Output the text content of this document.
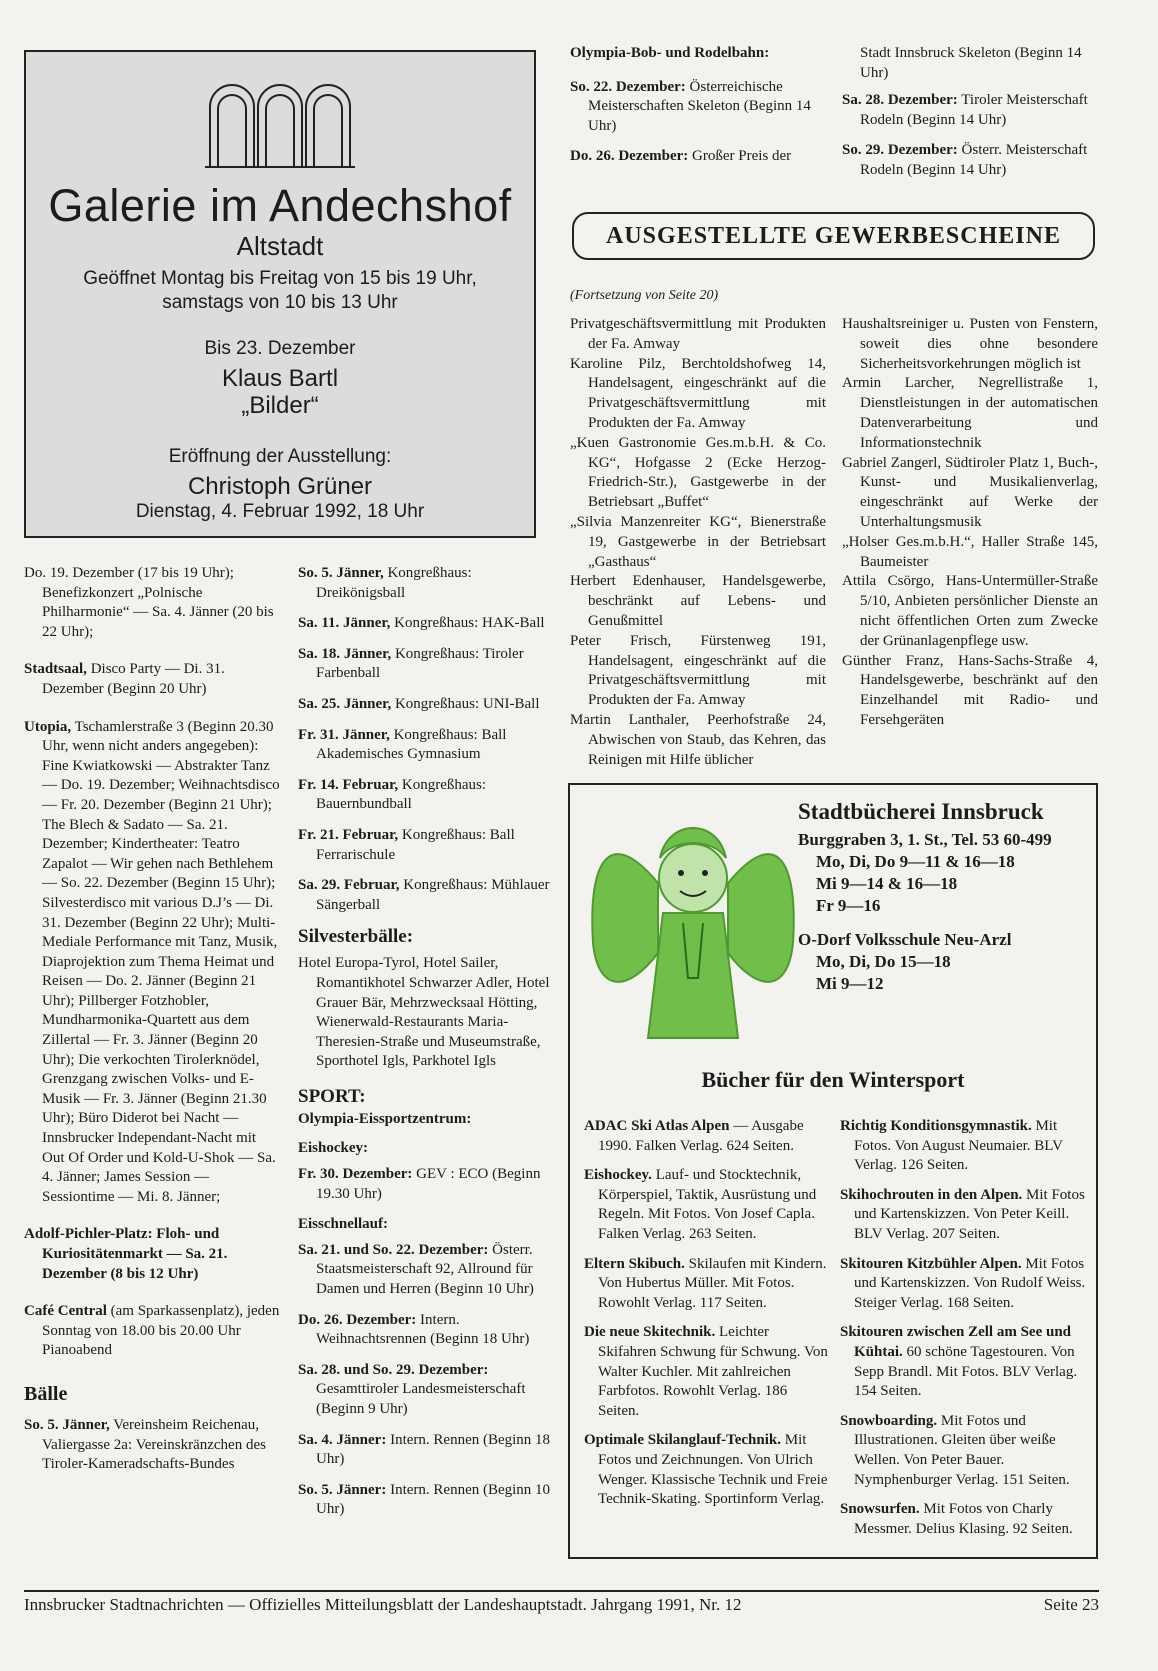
Galerie im Andechshof
Altstadt
Geöffnet Montag bis Freitag von 15 bis 19 Uhr,
samstags von 10 bis 13 Uhr
Bis 23. Dezember
Klaus Bartl
„Bilder“
Eröffnung der Ausstellung:
Christoph Grüner
Dienstag, 4. Februar 1992, 18 Uhr

Do. 19. Dezember (17 bis 19 Uhr); Benefizkonzert „Polnische Philharmonie“ — Sa. 4. Jänner (20 bis 22 Uhr);

Stadtsaal, Disco Party — Di. 31. Dezember (Beginn 20 Uhr)

Utopia, Tschamlerstraße 3 (Beginn 20.30 Uhr, wenn nicht anders angegeben): Fine Kwiatkowski — Abstrakter Tanz — Do. 19. Dezember; Weihnachtsdisco — Fr. 20. Dezember (Beginn 21 Uhr); The Blech & Sadato — Sa. 21. Dezember; Kindertheater: Teatro Zapalot — Wir gehen nach Bethlehem — So. 22. Dezember (Beginn 15 Uhr); Silvesterdisco mit various D.J’s — Di. 31. Dezember (Beginn 22 Uhr); Multi-Mediale Performance mit Tanz, Musik, Diaprojektion zum Thema Heimat und Reisen — Do. 2. Jänner (Beginn 21 Uhr); Pillberger Fotzhobler, Mundharmonika-Quartett aus dem Zillertal — Fr. 3. Jänner (Beginn 20 Uhr); Die verkochten Tirolerknödel, Grenzgang zwischen Volks- und E-Musik — Fr. 3. Jänner (Beginn 21.30 Uhr); Büro Diderot bei Nacht — Innsbrucker Independant-Nacht mit Out Of Order und Kold-U-Shok — Sa. 4. Jänner; James Session — Sessiontime — Mi. 8. Jänner;

Adolf-Pichler-Platz: Floh- und Kuriositätenmarkt — Sa. 21. Dezember (8 bis 12 Uhr)

Café Central (am Sparkassenplatz), jeden Sonntag von 18.00 bis 20.00 Uhr Pianoabend

Bälle

So. 5. Jänner, Vereinsheim Reichenau, Valiergasse 2a: Vereinskränzchen des Tiroler-Kameradschafts-Bundes

So. 5. Jänner, Kongreßhaus: Dreikönigsball

Sa. 11. Jänner, Kongreßhaus: HAK-Ball

Sa. 18. Jänner, Kongreßhaus: Tiroler Farbenball

Sa. 25. Jänner, Kongreßhaus: UNI-Ball

Fr. 31. Jänner, Kongreßhaus: Ball Akademisches Gymnasium

Fr. 14. Februar, Kongreßhaus: Bauernbundball

Fr. 21. Februar, Kongreßhaus: Ball Ferrarischule

Sa. 29. Februar, Kongreßhaus: Mühlauer Sängerball

Silvesterbälle:

Hotel Europa-Tyrol, Hotel Sailer, Romantikhotel Schwarzer Adler, Hotel Grauer Bär, Mehrzwecksaal Hötting, Wienerwald-Restaurants Maria-Theresien-Straße und Museumstraße, Sporthotel Igls, Parkhotel Igls

SPORT:

Olympia-Eissportzentrum:

Eishockey:

Fr. 30. Dezember: GEV : ECO (Beginn 19.30 Uhr)

Eisschnellauf:

Sa. 21. und So. 22. Dezember: Österr. Staatsmeisterschaft 92, Allround für Damen und Herren (Beginn 10 Uhr)

Do. 26. Dezember: Intern. Weihnachtsrennen (Beginn 18 Uhr)

Sa. 28. und So. 29. Dezember: Gesamttiroler Landesmeisterschaft (Beginn 9 Uhr)

Sa. 4. Jänner: Intern. Rennen (Beginn 18 Uhr)

So. 5. Jänner: Intern. Rennen (Beginn 10 Uhr)

Olympia-Bob- und Rodelbahn:

So. 22. Dezember: Österreichische Meisterschaften Skeleton (Beginn 14 Uhr)

Do. 26. Dezember: Großer Preis der

Stadt Innsbruck Skeleton (Beginn 14 Uhr)

Sa. 28. Dezember: Tiroler Meisterschaft Rodeln (Beginn 14 Uhr)

So. 29. Dezember: Österr. Meisterschaft Rodeln (Beginn 14 Uhr)

AUSGESTELLTE GEWERBESCHEINE

(Fortsetzung von Seite 20)

Privatgeschäftsvermittlung mit Produkten der Fa. Amway

Karoline Pilz, Berchtoldshofweg 14, Handelsagent, eingeschränkt auf die Privatgeschäftsvermittlung mit Produkten der Fa. Amway

„Kuen Gastronomie Ges.m.b.H. & Co. KG“, Hofgasse 2 (Ecke Herzog-Friedrich-Str.), Gastgewerbe in der Betriebsart „Buffet“

„Silvia Manzenreiter KG“, Bienerstraße 19, Gastgewerbe in der Betriebsart „Gasthaus“

Herbert Edenhauser, Handelsgewerbe, beschränkt auf Lebens- und Genußmittel

Peter Frisch, Fürstenweg 191, Handelsagent, eingeschränkt auf die Privatgeschäftsvermittlung mit Produkten der Fa. Amway

Martin Lanthaler, Peerhofstraße 24, Abwischen von Staub, das Kehren, das Reinigen mit Hilfe üblicher

Haushaltsreiniger u. Pusten von Fenstern, soweit dies ohne besondere Sicherheitsvorkehrungen möglich ist

Armin Larcher, Negrellistraße 1, Dienstleistungen in der automatischen Datenverarbeitung und Informationstechnik

Gabriel Zangerl, Südtiroler Platz 1, Buch-, Kunst- und Musikalienverlag, eingeschränkt auf Werke der Unterhaltungsmusik

„Holser Ges.m.b.H.“, Haller Straße 145, Baumeister

Attila Csörgo, Hans-Untermüller-Straße 5/10, Anbieten persönlicher Dienste an nicht öffentlichen Orten zum Zwecke der Grünanlagenpflege usw.

Günther Franz, Hans-Sachs-Straße 4, Handelsgewerbe, beschränkt auf den Einzelhandel mit Radio- und Fersehgeräten

Stadtbücherei Innsbruck
Burggraben 3, 1. St., Tel. 53 60-499

Mo, Di, Do 9—11 & 16—18

Mi 9—14 & 16—18

Fr 9—16

O-Dorf Volksschule Neu-Arzl

Mo, Di, Do 15—18

Mi 9—12

Bücher für den Wintersport

ADAC Ski Atlas Alpen — Ausgabe 1990. Falken Verlag. 624 Seiten.

Eishockey. Lauf- und Stocktechnik, Körperspiel, Taktik, Ausrüstung und Regeln. Mit Fotos. Von Josef Capla. Falken Verlag. 263 Seiten.

Eltern Skibuch. Skilaufen mit Kindern. Von Hubertus Müller. Mit Fotos. Rowohlt Verlag. 117 Seiten.

Die neue Skitechnik. Leichter Skifahren Schwung für Schwung. Von Walter Kuchler. Mit zahlreichen Farbfotos. Rowohlt Verlag. 186 Seiten.

Optimale Skilanglauf-Technik. Mit Fotos und Zeichnungen. Von Ulrich Wenger. Klassische Technik und Freie Technik-Skating. Sportinform Verlag.

Richtig Konditionsgymnastik. Mit Fotos. Von August Neumaier. BLV Verlag. 126 Seiten.

Skihochrouten in den Alpen. Mit Fotos und Kartenskizzen. Von Peter Keill. BLV Verlag. 207 Seiten.

Skitouren Kitzbühler Alpen. Mit Fotos und Kartenskizzen. Von Rudolf Weiss. Steiger Verlag. 168 Seiten.

Skitouren zwischen Zell am See und Kühtai. 60 schöne Tagestouren. Von Sepp Brandl. Mit Fotos. BLV Verlag. 154 Seiten.

Snowboarding. Mit Fotos und Illustrationen. Gleiten über weiße Wellen. Von Peter Bauer. Nymphenburger Verlag. 151 Seiten.

Snowsurfen. Mit Fotos von Charly Messmer. Delius Klasing. 92 Seiten.

Innsbrucker Stadtnachrichten — Offizielles Mitteilungsblatt der Landeshauptstadt. Jahrgang 1991, Nr. 12	Seite 23
